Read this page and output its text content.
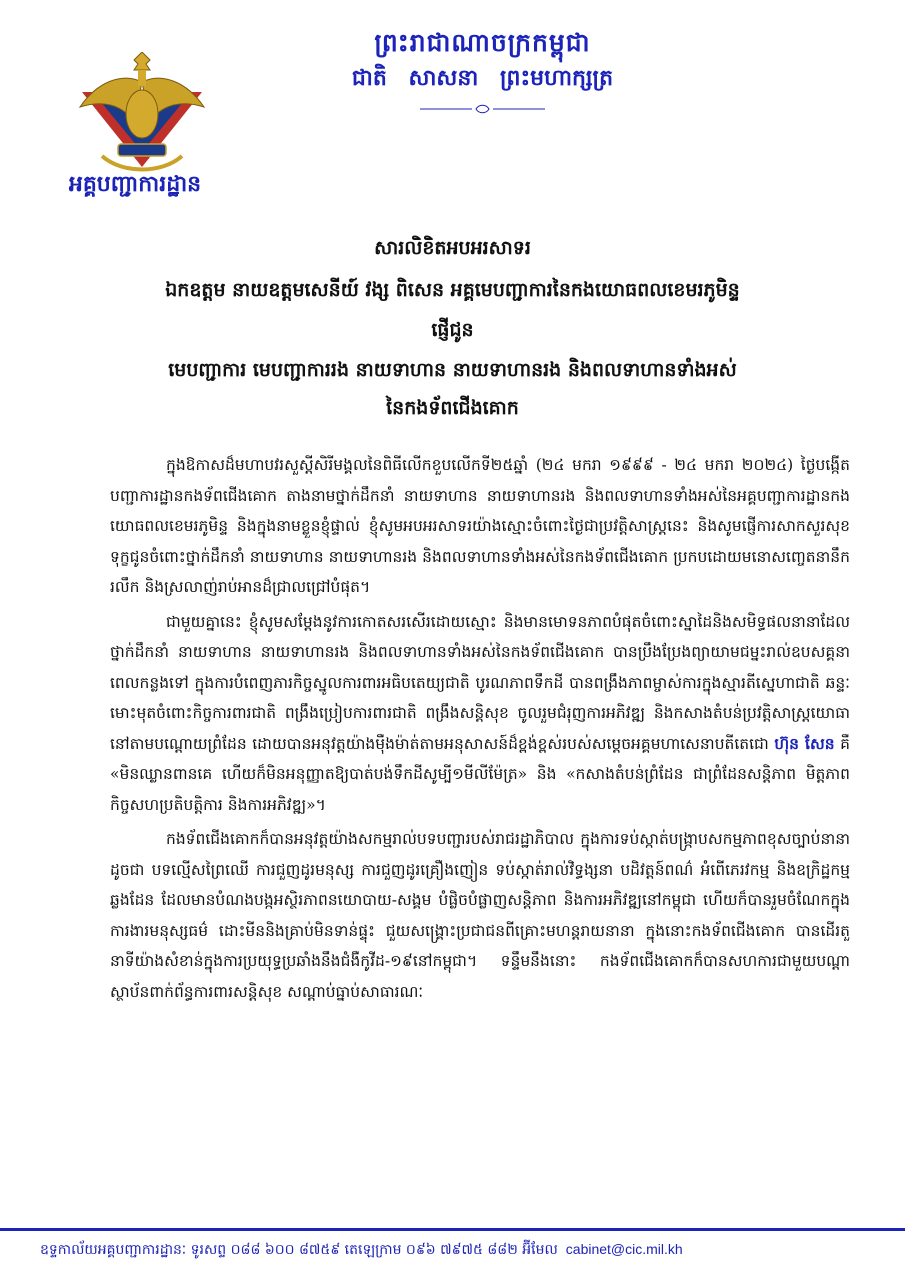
អគ្គបញ្ជាការដ្ឋាន
ព្រះរាជាណាចក្រកម្ពុជា
ជាតិ សាសនា ព្រះមហាក្សត្រ
សារលិខិតអបអរសាទរ
ឯកឧត្តម នាយឧត្តមសេនីយ៍ វង្ស ពិសេន អគ្គមេបញ្ជាការនៃកងយោធពលខេមរភូមិន្ទ
ផ្ញើជូន
មេបញ្ជាការ មេបញ្ជាការរង នាយទាហាន នាយទាហានរង និងពលទាហានទាំងអស់
នៃកងទ័ពជើងគោក

ក្នុងឱកាសដ៏មហាបវរសួស្ដីសិរីមង្គលនៃពិធីលើកខួបលើកទី២៥ឆ្នាំ (២៤ មករា ១៩៩៩ - ២៤ មករា ២០២៤) ថ្ងៃបង្កើតបញ្ជាការដ្ឋានកងទ័ពជើងគោក តាងនាមថ្នាក់ដឹកនាំ នាយទាហាន នាយទាហានរង និងពលទាហានទាំងអស់នៃអគ្គបញ្ជាការដ្ឋានកងយោធពលខេមរភូមិន្ទ និងក្នុងនាមខ្លួនខ្ញុំផ្ទាល់ ខ្ញុំសូមអបអរសាទរយ៉ាងស្មោះចំពោះថ្ងៃជាប្រវត្តិសាស្ត្រនេះ និងសូមផ្ញើការសាកសួរសុខទុក្ខជូនចំពោះថ្នាក់ដឹកនាំ នាយទាហាន នាយទាហានរង និងពលទាហានទាំងអស់នៃកងទ័ពជើងគោក ប្រកបដោយមនោសញ្ចេតនានឹករលឹក និងស្រលាញ់រាប់អានដ៏ជ្រាលជ្រៅបំផុត។

ជាមួយគ្នានេះ ខ្ញុំសូមសម្ដែងនូវការកោតសរសើរដោយស្មោះ និងមានមោទនភាពបំផុតចំពោះស្នាដៃនិងសមិទ្ធផលនានាដែលថ្នាក់ដឹកនាំ នាយទាហាន នាយទាហានរង និងពលទាហានទាំងអស់នៃកងទ័ពជើងគោក បានប្រឹងប្រែងព្យាយាមជម្នះរាល់ឧបសគ្គនាពេលកន្លងទៅ ក្នុងការបំពេញភារកិច្ចស្នូលការពារអធិបតេយ្យជាតិ បូរណភាពទឹកដី បានពង្រឹងភាពម្ចាស់ការក្នុងស្មារតីស្នេហាជាតិ ឆន្ទៈមោះមុតចំពោះកិច្ចការពារជាតិ ពង្រឹងប្រៀបការពារជាតិ ពង្រឹងសន្តិសុខ ចូលរួមជំរុញការអភិវឌ្ឍ និងកសាងតំបន់ប្រវត្តិសាស្ត្រយោធានៅតាមបណ្ដោយព្រំដែន ដោយបានអនុវត្តយ៉ាងម៉ឺងម៉ាត់តាមអនុសាសន៍ដ៏ខ្ពង់ខ្ពស់របស់សម្ដេចអគ្គមហាសេនាបតីតេជោ ហ៊ុន សែន គឺ «មិនឈ្លានពានគេ ហើយក៏មិនអនុញ្ញាតឱ្យបាត់បង់ទឹកដីសូម្បី១មីលីម៉ែត្រ» និង «កសាងតំបន់ព្រំដែន ជាព្រំដែនសន្តិភាព មិត្តភាព កិច្ចសហប្រតិបត្តិការ និងការអភិវឌ្ឍ»។

កងទ័ពជើងគោកក៏បានអនុវត្តយ៉ាងសកម្មរាល់បទបញ្ជារបស់រាជរដ្ឋាភិបាល ក្នុងការទប់ស្កាត់បង្ក្រាបសកម្មភាពខុសច្បាប់នានា ដូចជា បទល្មើសព្រៃឈើ ការជួញដូរមនុស្ស ការជួញដូរគ្រឿងញៀន ទប់ស្កាត់រាល់វិទ្ធង្សនា បដិវត្តន៍ពណ៌ អំពើភេរវកម្ម និងឧក្រិដ្ឋកម្មឆ្លងដែន ដែលមានបំណងបង្កអស្ថិរភាពនយោបាយ-សង្គម បំផ្លិចបំផ្លាញសន្តិភាព និងការអភិវឌ្ឍនៅកម្ពុជា ហើយក៏បានរួមចំណែកក្នុងការងារមនុស្សធម៌ ដោះមីននិងគ្រាប់មិនទាន់ផ្ទុះ ជួយសង្គ្រោះប្រជាជនពីគ្រោះមហន្តរាយនានា ក្នុងនោះកងទ័ពជើងគោក បានដើរតួនាទីយ៉ាងសំខាន់ក្នុងការប្រយុទ្ធប្រឆាំងនឹងជំងឺកូវីដ-១៩នៅកម្ពុជា។ ទន្ទឹមនឹងនោះ កងទ័ពជើងគោកក៏បានសហការជាមួយបណ្ដាស្ថាប័នពាក់ព័ន្ធការពារសន្តិសុខ សណ្ដាប់ធ្នាប់សាធារណៈ

ឧទ្ទកាល័យអគ្គបញ្ជាការដ្ឋានៈ ទូរសព្ទ ០៨៨ ៦០០ ៨៧៥៩ តេឡេក្រាម ០៩៦ ៧៩៧៥ ៨៨២ អ៊ីមែល cabinet@cic.mil.kh
